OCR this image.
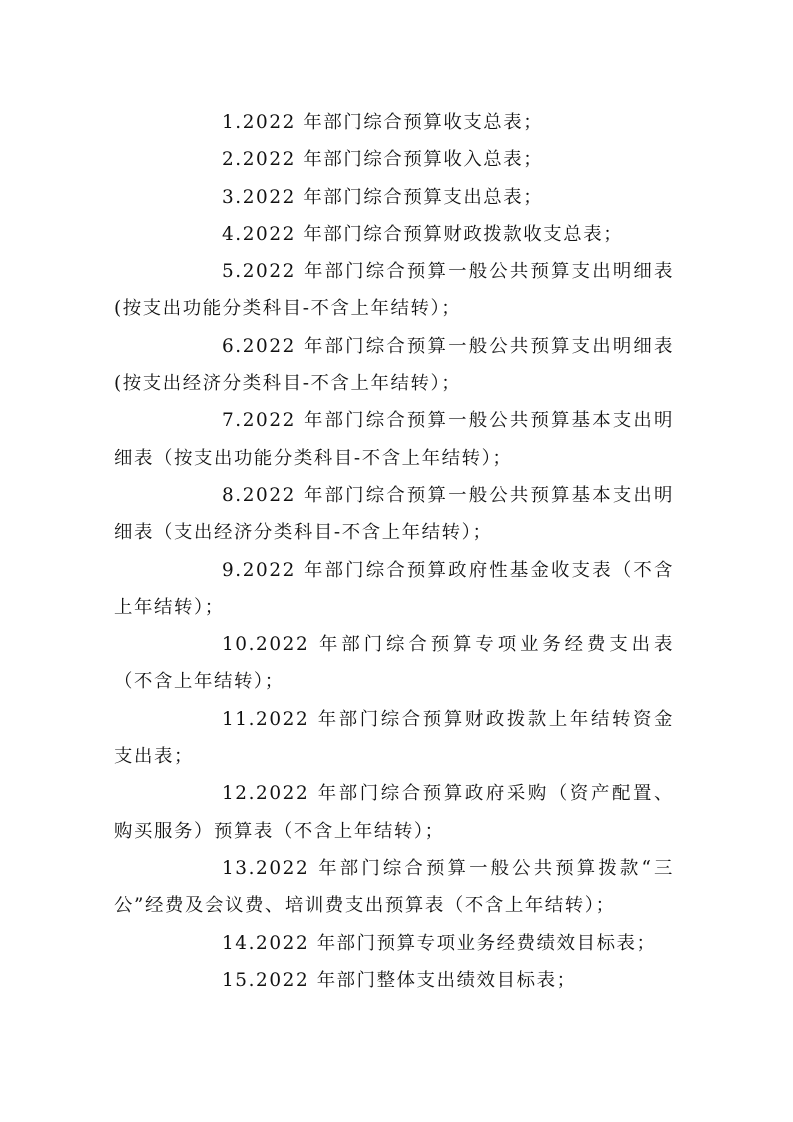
1.2022 年部门综合预算收支总表；

2.2022 年部门综合预算收入总表；

3.2022 年部门综合预算支出总表；

4.2022 年部门综合预算财政拨款收支总表；

5.2022 年部门综合预算一般公共预算支出明细表(按支出功能分类科目-不含上年结转）；

6.2022 年部门综合预算一般公共预算支出明细表(按支出经济分类科目-不含上年结转）；

7.2022 年部门综合预算一般公共预算基本支出明细表（按支出功能分类科目-不含上年结转）；

8.2022 年部门综合预算一般公共预算基本支出明细表（支出经济分类科目-不含上年结转）；

9.2022 年部门综合预算政府性基金收支表（不含上年结转）；

10.2022 年部门综合预算专项业务经费支出表（不含上年结转）；

11.2022 年部门综合预算财政拨款上年结转资金支出表；

12.2022 年部门综合预算政府采购（资产配置、购买服务）预算表（不含上年结转）；

13.2022 年部门综合预算一般公共预算拨款“三公”经费及会议费、培训费支出预算表（不含上年结转）；

14.2022 年部门预算专项业务经费绩效目标表；

15.2022 年部门整体支出绩效目标表；
